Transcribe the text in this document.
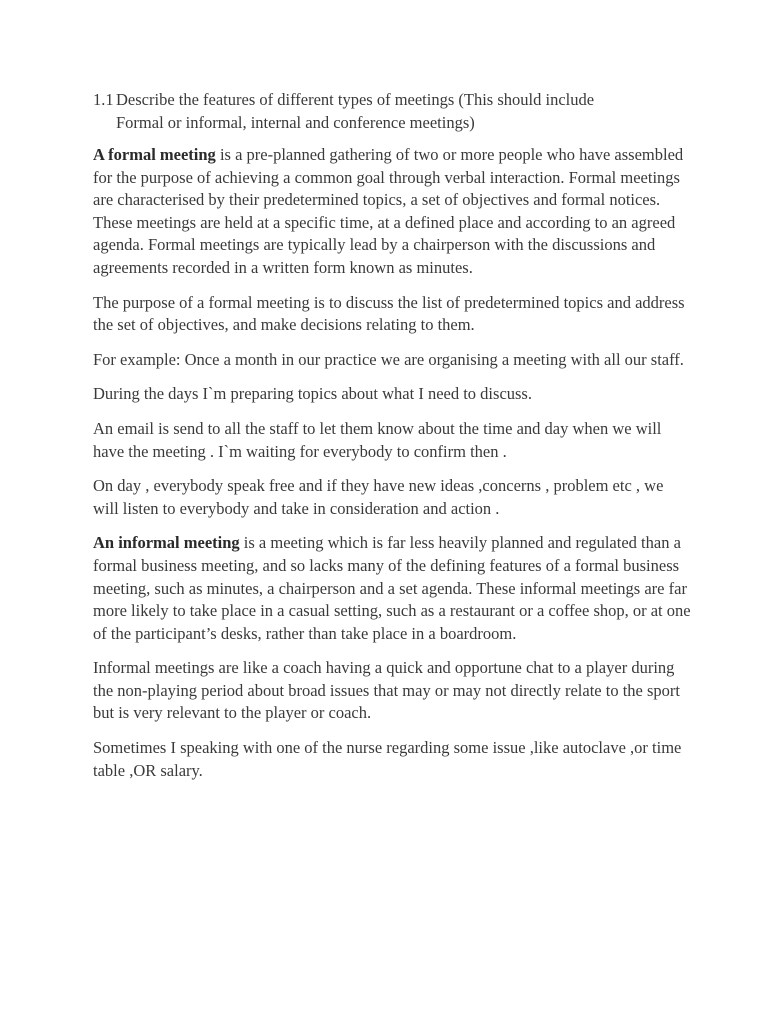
1.1 Describe the features of different types of meetings (This should include
Formal or informal, internal and conference meetings)

A formal meeting is a pre-planned gathering of two or more people who have assembled for the purpose of achieving a common goal through verbal interaction. Formal meetings are characterised by their predetermined topics, a set of objectives and formal notices. These meetings are held at a specific time, at a defined place and according to an agreed agenda. Formal meetings are typically lead by a chairperson with the discussions and agreements recorded in a written form known as minutes.

The purpose of a formal meeting is to discuss the list of predetermined topics and address the set of objectives, and make decisions relating to them.

For example: Once a month in our practice we are organising a meeting with all our staff.

During the days I`m preparing topics about what I need to discuss.

An email is send to all the staff to let them know about the time and day when we will have the meeting . I`m waiting for everybody to confirm then .

On day , everybody speak free and if they have new ideas ,concerns , problem etc , we will listen to everybody and take in consideration and action .

An informal meeting is a meeting which is far less heavily planned and regulated than a formal business meeting, and so lacks many of the defining features of a formal business meeting, such as minutes, a chairperson and a set agenda. These informal meetings are far more likely to take place in a casual setting, such as a restaurant or a coffee shop, or at one of the participant’s desks, rather than take place in a boardroom.

Informal meetings are like a coach having a quick and opportune chat to a player during the non-playing period about broad issues that may or may not directly relate to the sport but is very relevant to the player or coach.

Sometimes I speaking with one of the nurse regarding some issue ,like autoclave ,or time table ,OR salary.
